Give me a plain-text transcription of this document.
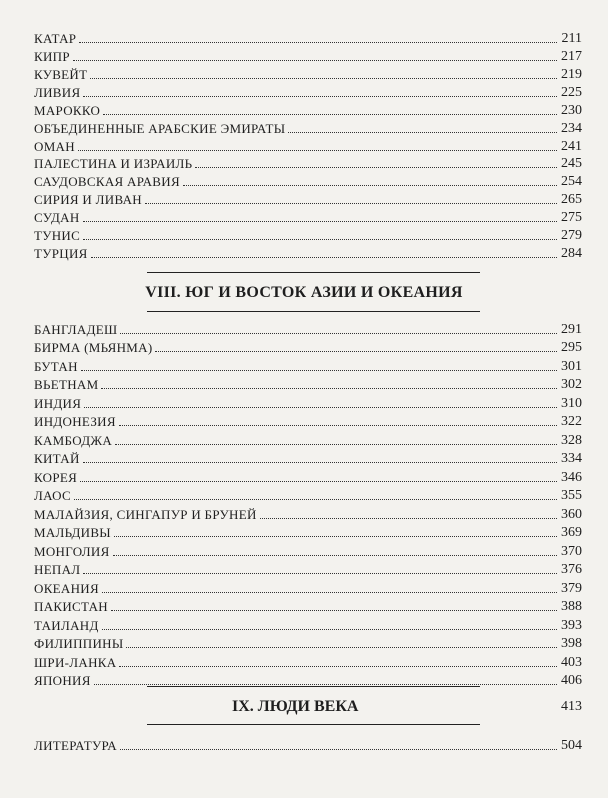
КАТАР	211
КИПР	217
КУВЕЙТ	219
ЛИВИЯ	225
МАРОККО	230
ОБЪЕДИНЕННЫЕ АРАБСКИЕ ЭМИРАТЫ	234
ОМАН	241
ПАЛЕСТИНА И ИЗРАИЛЬ	245
САУДОВСКАЯ АРАВИЯ	254
СИРИЯ И ЛИВАН	265
СУДАН	275
ТУНИС	279
ТУРЦИЯ	284
VIII. ЮГ И ВОСТОК АЗИИ И ОКЕАНИЯ
БАНГЛАДЕШ	291
БИРМА (МЬЯНМА)	295
БУТАН	301
ВЬЕТНАМ	302
ИНДИЯ	310
ИНДОНЕЗИЯ	322
КАМБОДЖА	328
КИТАЙ	334
КОРЕЯ	346
ЛАОС	355
МАЛАЙЗИЯ, СИНГАПУР И БРУНЕЙ	360
МАЛЬДИВЫ	369
МОНГОЛИЯ	370
НЕПАЛ	376
ОКЕАНИЯ	379
ПАКИСТАН	388
ТАИЛАНД	393
ФИЛИППИНЫ	398
ШРИ-ЛАНКА	403
ЯПОНИЯ	406
IX. ЛЮДИ ВЕКА	413
ЛИТЕРАТУРА	504
